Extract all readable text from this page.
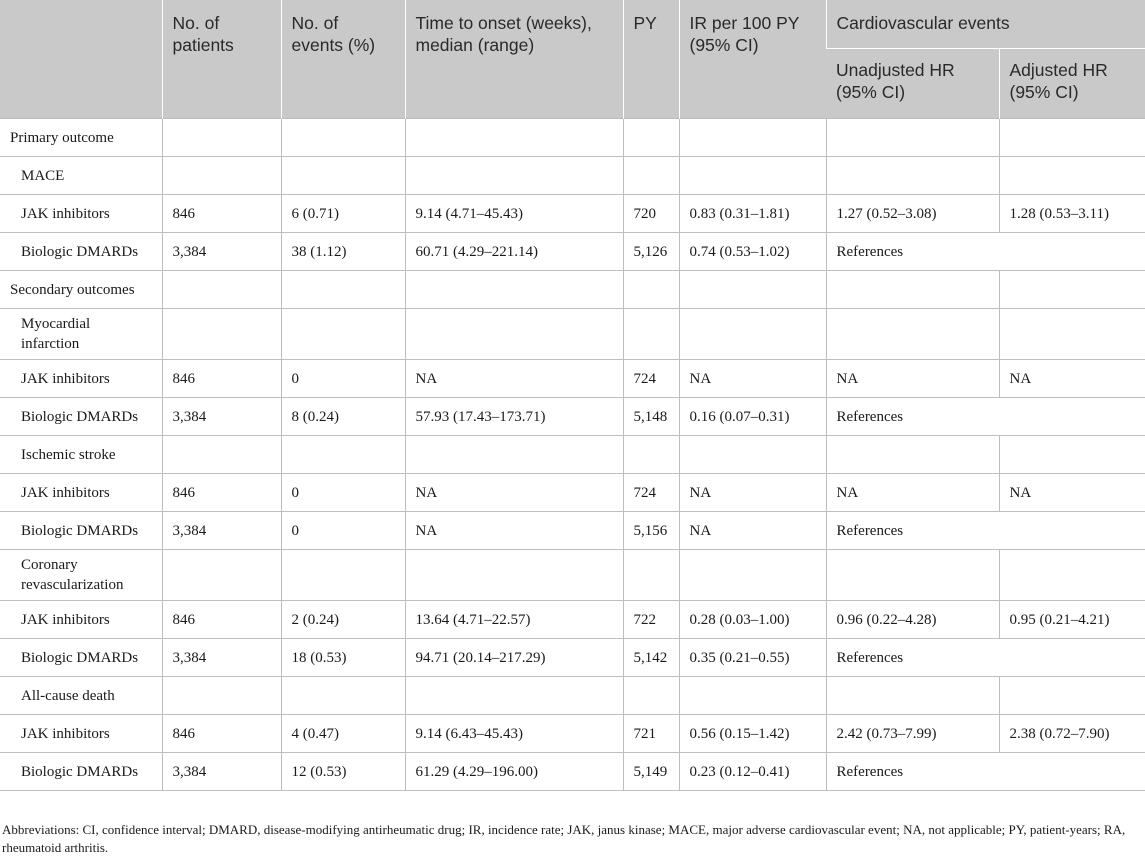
	No. of patients	No. of events (%)	Time to onset (weeks), median (range)	PY	IR per 100 PY (95% CI)	Cardiovascular events	
						Unadjusted HR (95% CI)	Adjusted HR (95% CI)
Primary outcome							
MACE							
JAK inhibitors	846	6 (0.71)	9.14 (4.71–45.43)	720	0.83 (0.31–1.81)	1.27 (0.52–3.08)	1.28 (0.53–3.11)
Biologic DMARDs	3,384	38 (1.12)	60.71 (4.29–221.14)	5,126	0.74 (0.53–1.02)	References	
Secondary outcomes							
Myocardial infarction							
JAK inhibitors	846	0	NA	724	NA	NA	NA
Biologic DMARDs	3,384	8 (0.24)	57.93 (17.43–173.71)	5,148	0.16 (0.07–0.31)	References	
Ischemic stroke							
JAK inhibitors	846	0	NA	724	NA	NA	NA
Biologic DMARDs	3,384	0	NA	5,156	NA	References	
Coronary revascularization							
JAK inhibitors	846	2 (0.24)	13.64 (4.71–22.57)	722	0.28 (0.03–1.00)	0.96 (0.22–4.28)	0.95 (0.21–4.21)
Biologic DMARDs	3,384	18 (0.53)	94.71 (20.14–217.29)	5,142	0.35 (0.21–0.55)	References	
All-cause death							
JAK inhibitors	846	4 (0.47)	9.14 (6.43–45.43)	721	0.56 (0.15–1.42)	2.42 (0.73–7.99)	2.38 (0.72–7.90)
Biologic DMARDs	3,384	12 (0.53)	61.29 (4.29–196.00)	5,149	0.23 (0.12–0.41)	References	
Abbreviations: CI, confidence interval; DMARD, disease-modifying antirheumatic drug; IR, incidence rate; JAK, janus kinase; MACE, major adverse cardiovascular event; NA, not applicable; PY, patient-years; RA, rheumatoid arthritis.
